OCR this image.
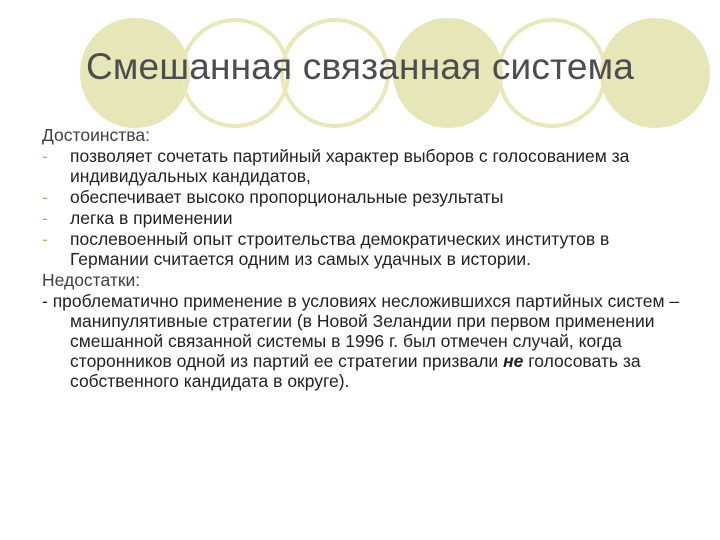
Смешанная связанная система
Достоинства:
- позволяет сочетать партийный характер выборов с голосованием за индивидуальных кандидатов,
- обеспечивает высоко пропорциональные результаты
- легка в применении
- послевоенный опыт строительства демократических институтов в Германии считается одним из самых удачных в истории.
Недостатки:
- проблематично применение в условиях несложившихся партийных систем – манипулятивные стратегии (в Новой Зеландии при первом применении смешанной связанной системы в 1996 г. был отмечен случай, когда сторонников одной из партий ее стратегии призвали не голосовать за собственного кандидата в округе).
